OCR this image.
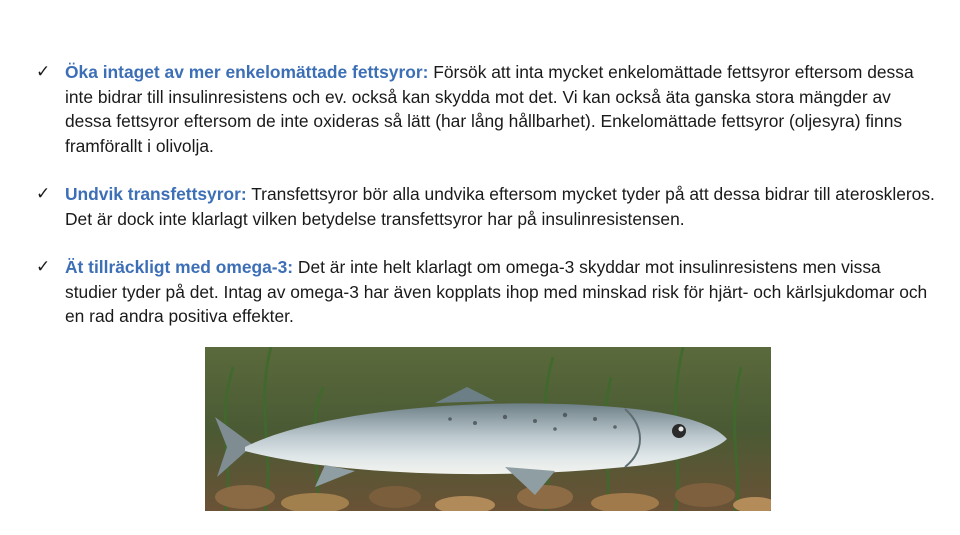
✓ Öka intaget av mer enkelomättade fettsyror: Försök att inta mycket enkelomättade fettsyror eftersom dessa inte bidrar till insulinresistens och ev. också kan skydda mot det. Vi kan också äta ganska stora mängder av dessa fettsyror eftersom de inte oxideras så lätt (har lång hållbarhet). Enkelomättade fettsyror (oljesyra) finns framförallt i olivolja.
✓ Undvik transfettsyror: Transfettsyror bör alla undvika eftersom mycket tyder på att dessa bidrar till ateroskleros. Det är dock inte klarlagt vilken betydelse transfettsyror har på insulinresistensen.
✓ Ät tillräckligt med omega-3: Det är inte helt klarlagt om omega-3 skyddar mot insulinresistens men vissa studier tyder på det. Intag av omega-3 har även kopplats ihop med minskad risk för hjärt- och kärlsjukdomar och en rad andra positiva effekter.
